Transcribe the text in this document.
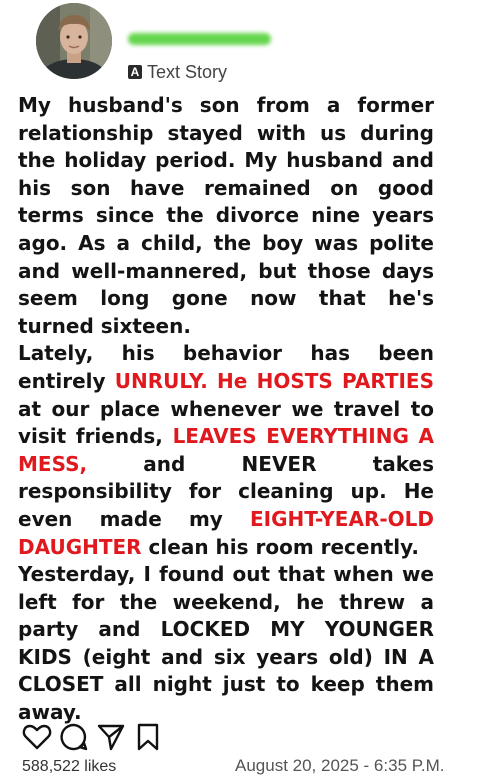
A Text Story

My husband's son from a former relationship stayed with us during the holiday period. My husband and his son have remained on good terms since the divorce nine years ago. As a child, the boy was polite and well-mannered, but those days seem long gone now that he's turned sixteen.

Lately, his behavior has been entirely UNRULY. He HOSTS PARTIES at our place whenever we travel to visit friends, LEAVES EVERYTHING A MESS, and NEVER takes responsibility for cleaning up. He even made my EIGHT-YEAR-OLD DAUGHTER clean his room recently.

Yesterday, I found out that when we left for the weekend, he threw a party and LOCKED MY YOUNGER KIDS (eight and six years old) IN A CLOSET all night just to keep them away.

588,522 likes	August 20, 2025 - 6:35 P.M.
